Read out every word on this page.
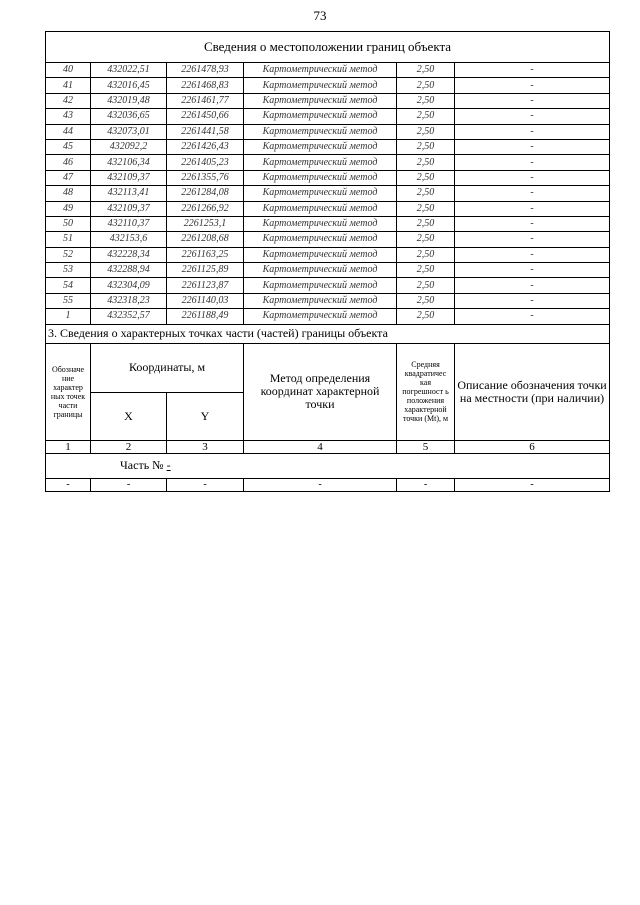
73
Сведения о местоположении границ объекта					
40	432022,51	2261478,93	Картометрический метод	2,50	-
41	432016,45	2261468,83	Картометрический метод	2,50	-
42	432019,48	2261461,77	Картометрический метод	2,50	-
43	432036,65	2261450,66	Картометрический метод	2,50	-
44	432073,01	2261441,58	Картометрический метод	2,50	-
45	432092,2	2261426,43	Картометрический метод	2,50	-
46	432106,34	2261405,23	Картометрический метод	2,50	-
47	432109,37	2261355,76	Картометрический метод	2,50	-
48	432113,41	2261284,08	Картометрический метод	2,50	-
49	432109,37	2261266,92	Картометрический метод	2,50	-
50	432110,37	2261253,1	Картометрический метод	2,50	-
51	432153,6	2261208,68	Картометрический метод	2,50	-
52	432228,34	2261163,25	Картометрический метод	2,50	-
53	432288,94	2261125,89	Картометрический метод	2,50	-
54	432304,09	2261123,87	Картометрический метод	2,50	-
55	432318,23	2261140,03	Картометрический метод	2,50	-
1	432352,57	2261188,49	Картометрический метод	2,50	-
3. Сведения о характерных точках части (частей) границы объекта					
Обозначе ние характер ных точек части границы	Координаты, м		Метод определения координат характерной точки	Средняя квадратичес кая погрешност ь положения характерной точки (Mt), м	Описание обозначения точки на местности (при наличии)
	X	Y			
1	2	3	4	5	6
Часть № -					
-	-	-	-	-	-
